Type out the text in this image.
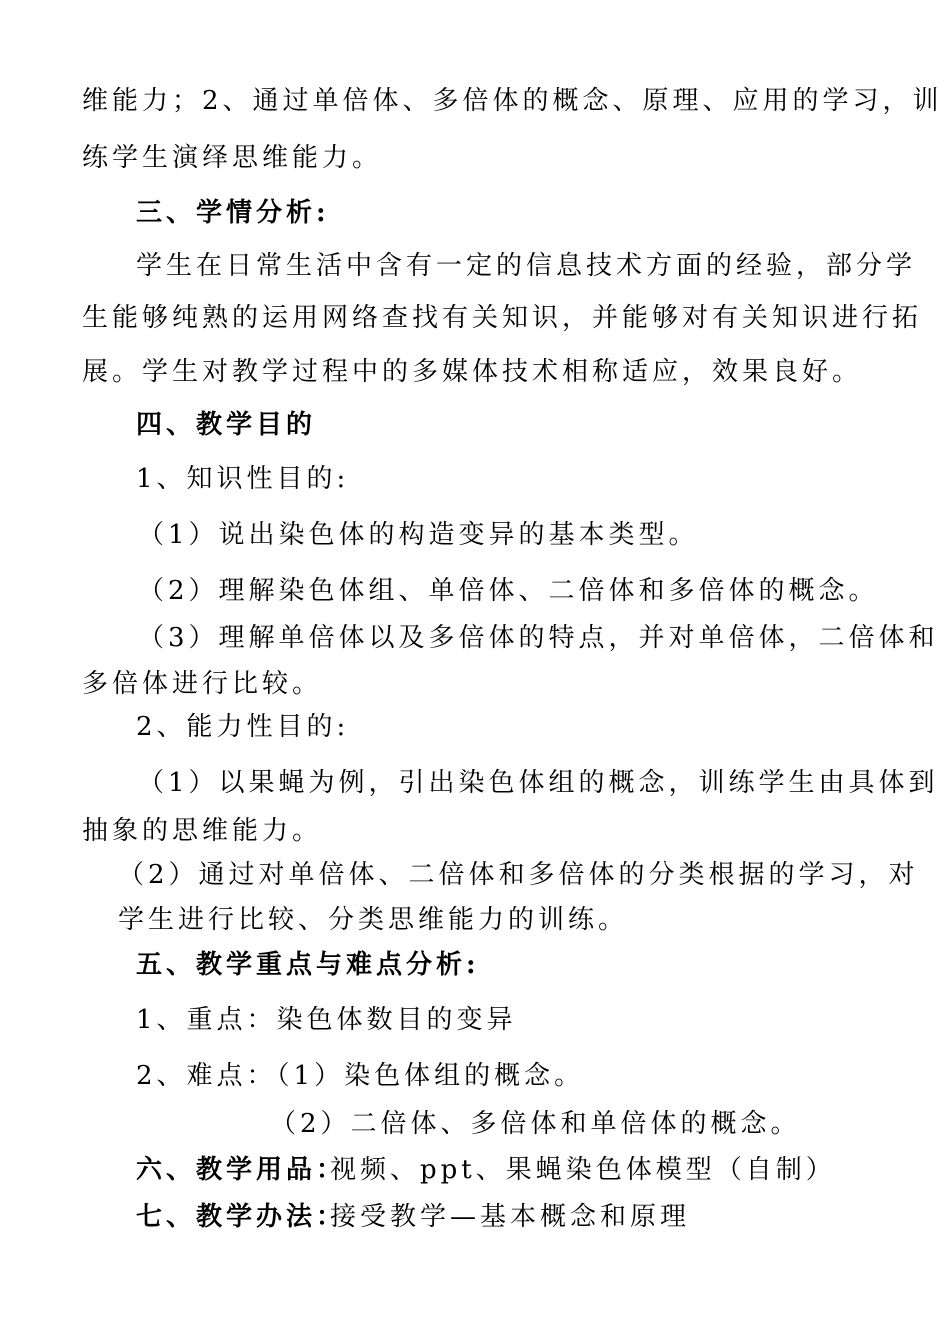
维能力；2、通过单倍体、多倍体的概念、原理、应用的学习，训
练学生演绎思维能力。
三、学情分析:
学生在日常生活中含有一定的信息技术方面的经验，部分学
生能够纯熟的运用网络查找有关知识，并能够对有关知识进行拓
展。学生对教学过程中的多媒体技术相称适应，效果良好。
四、教学目的
1、知识性目的:
（1）说出染色体的构造变异的基本类型。
（2）理解染色体组、单倍体、二倍体和多倍体的概念。
（3）理解单倍体以及多倍体的特点，并对单倍体，二倍体和
多倍体进行比较。
2、能力性目的:
（1）以果蝇为例，引出染色体组的概念，训练学生由具体到
抽象的思维能力。
（2）通过对单倍体、二倍体和多倍体的分类根据的学习，对
学生进行比较、分类思维能力的训练。
五、教学重点与难点分析:
1、重点：染色体数目的变异
2、难点：（1）染色体组的概念。
（2）二倍体、多倍体和单倍体的概念。
六、教学用品：
视频、ppt、果蝇染色体模型（自制）
七、教学办法：
接受教学—基本概念和原理
